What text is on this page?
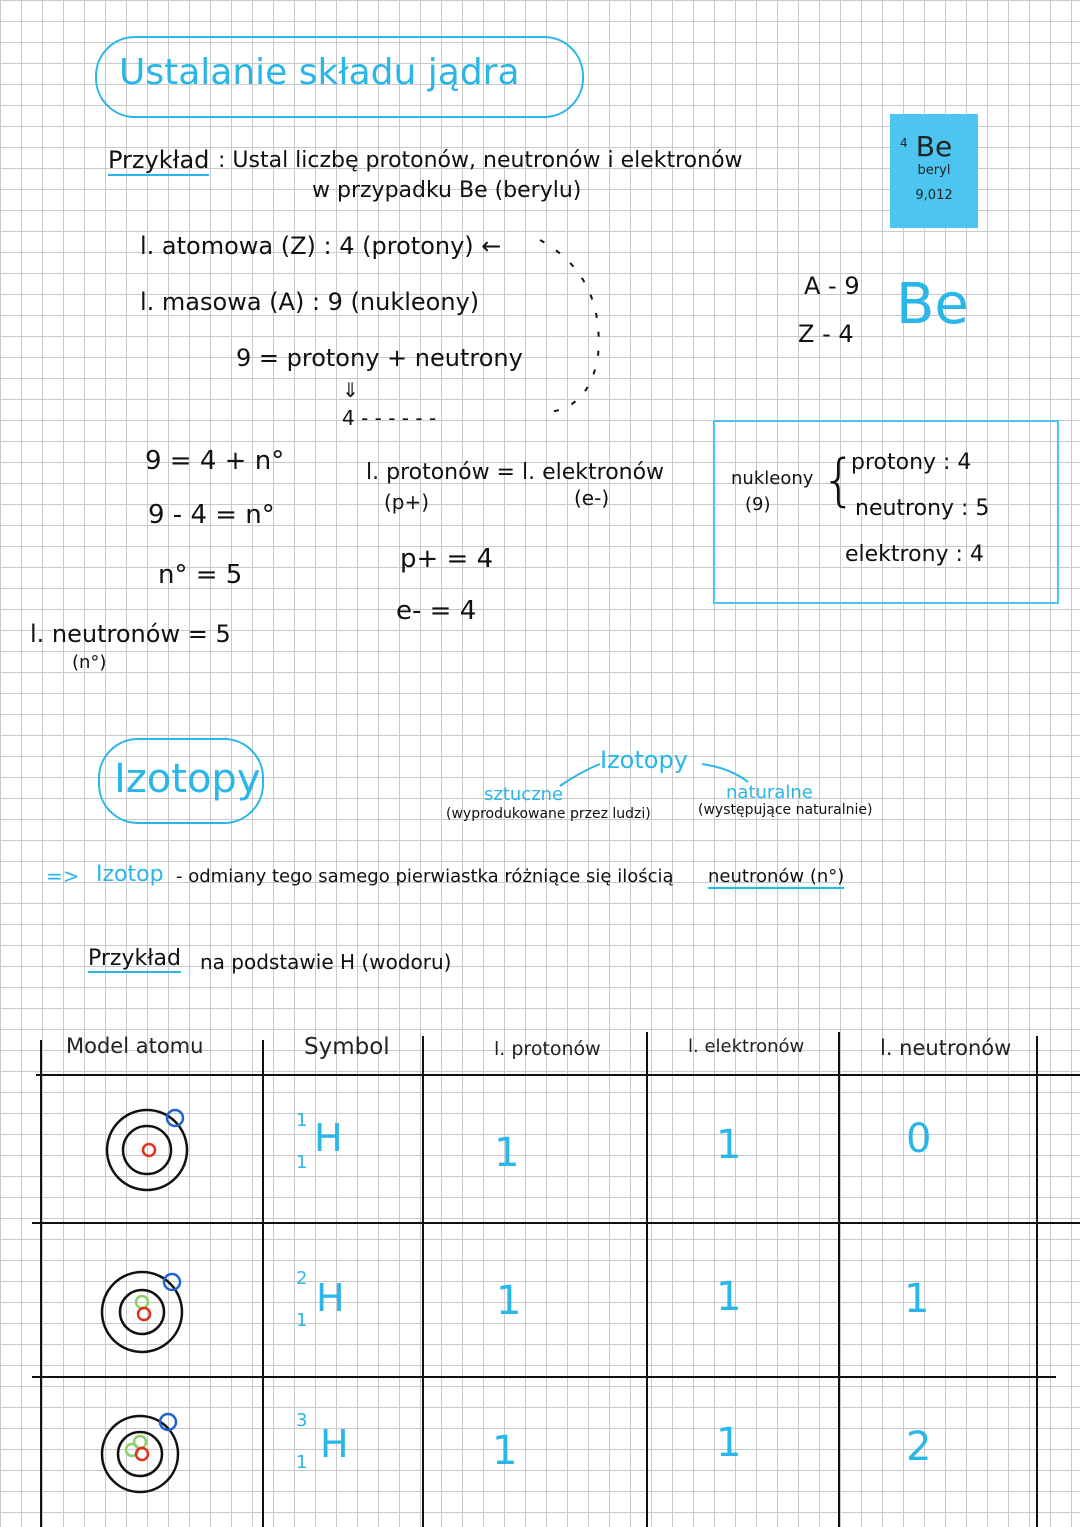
Ustalanie składu jądra
Przykład : Ustal liczbę protonów, neutronów i elektronów
w przypadku Be (berylu)
l. atomowa (Z) : 4 (protony) ←
l. masowa (A) : 9 (nukleony)
9 = protony + neutrony
⇓
4 - - - - - -
9 = 4 + n°
9 - 4 = n°
n° = 5
l. neutronów = 5
(n°)
l. protonów = l. elektronów
(p+)	(e-)
p+ = 4
e- = 4
A - 9
Z - 4 Be
4 Be
beryl
9,012
nukleony
(9) {
protony : 4
neutrony : 5
elektrony : 4
Izotopy	Izotopy
sztuczne
(wyprodukowane przez ludzi)
naturalne
(występujące naturalnie)
=> Izotop - odmiany tego samego pierwiastka różniące się ilością neutronów (n°)
Przykład na podstawie H (wodoru)
Model atomu	Symbol	l. protonów	l. elektronów	l. neutronów
1
1
H	1	1	0
2
1
H	1	1	1
3
1 H	1	1	2
